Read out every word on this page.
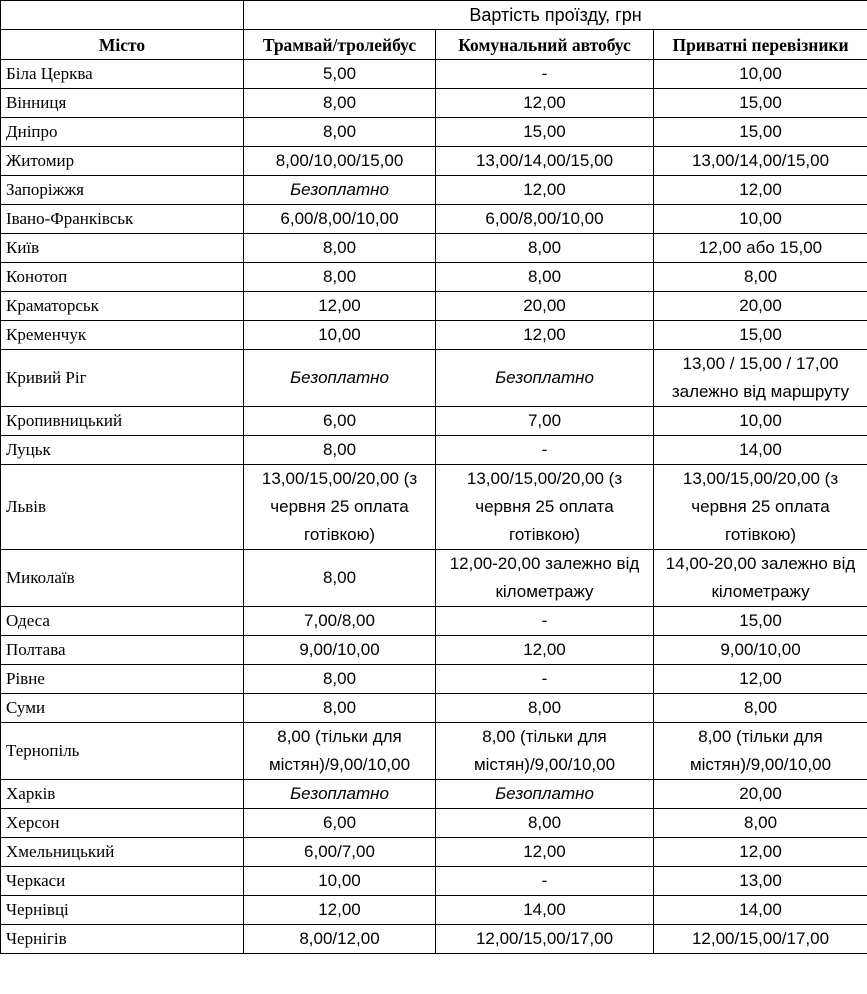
	Вартість проїзду, грн		
Місто	Трамвай/тролейбус	Комунальний автобус	Приватні перевізники
Біла Церква	5,00	-	10,00
Вінниця	8,00	12,00	15,00
Дніпро	8,00	15,00	15,00
Житомир	8,00/10,00/15,00	13,00/14,00/15,00	13,00/14,00/15,00
Запоріжжя	Безоплатно	12,00	12,00
Івано-Франківськ	6,00/8,00/10,00	6,00/8,00/10,00	10,00
Київ	8,00	8,00	12,00 або 15,00
Конотоп	8,00	8,00	8,00
Краматорськ	12,00	20,00	20,00
Кременчук	10,00	12,00	15,00
Кривий Ріг	Безоплатно	Безоплатно	13,00 / 15,00 / 17,00 залежно від маршруту
Кропивницький	6,00	7,00	10,00
Луцьк	8,00	-	14,00
Львів	13,00/15,00/20,00 (з червня 25 оплата готівкою)	13,00/15,00/20,00 (з червня 25 оплата готівкою)	13,00/15,00/20,00 (з червня 25 оплата готівкою)
Миколаїв	8,00	12,00-20,00 залежно від кілометражу	14,00-20,00 залежно від кілометражу
Одеса	7,00/8,00	-	15,00
Полтава	9,00/10,00	12,00	9,00/10,00
Рівне	8,00	-	12,00
Суми	8,00	8,00	8,00
Тернопіль	8,00 (тільки для містян)/9,00/10,00	8,00 (тільки для містян)/9,00/10,00	8,00 (тільки для містян)/9,00/10,00
Харків	Безоплатно	Безоплатно	20,00
Херсон	6,00	8,00	8,00
Хмельницький	6,00/7,00	12,00	12,00
Черкаси	10,00	-	13,00
Чернівці	12,00	14,00	14,00
Чернігів	8,00/12,00	12,00/15,00/17,00	12,00/15,00/17,00
